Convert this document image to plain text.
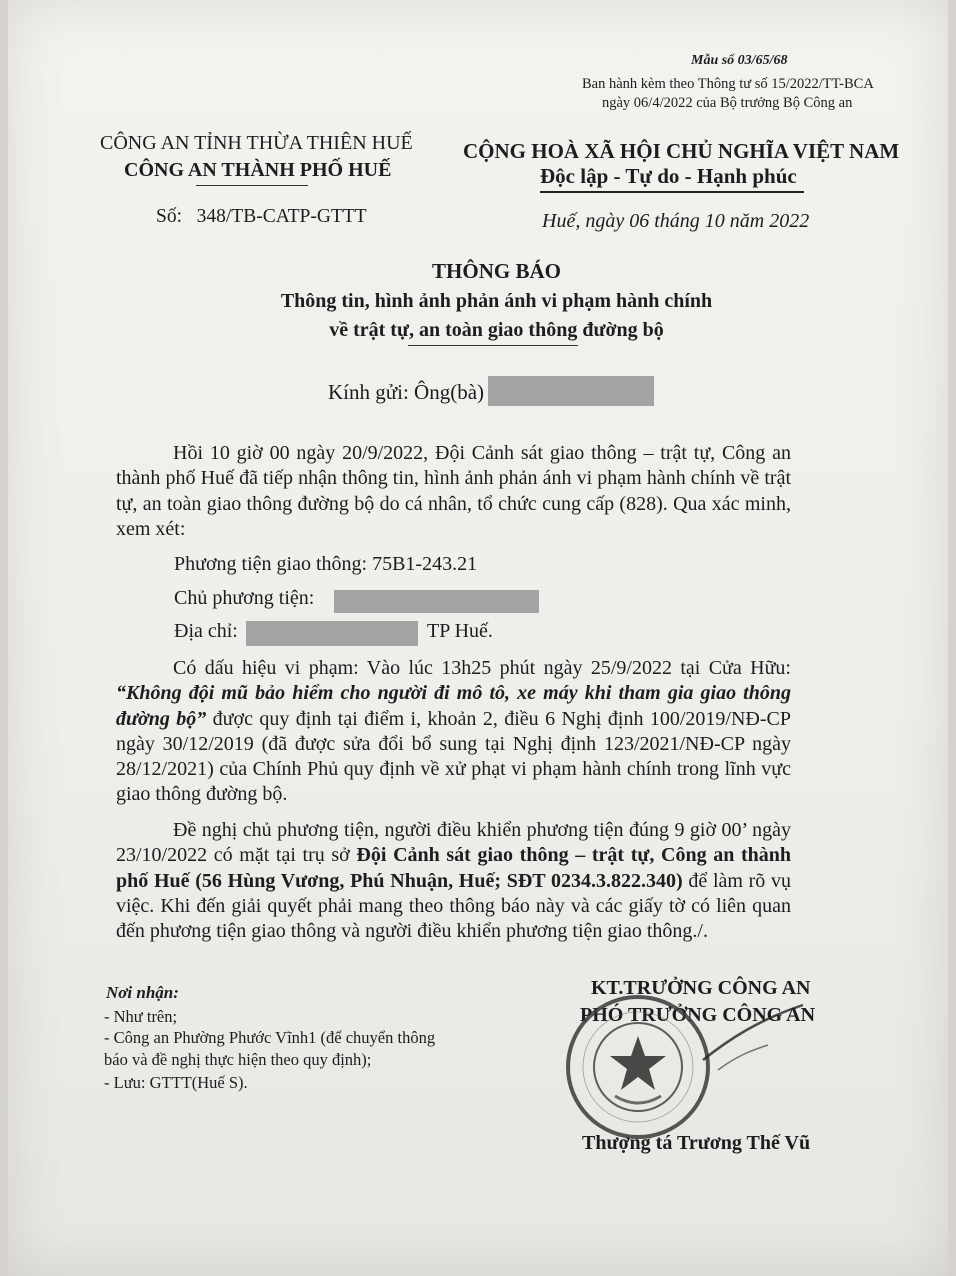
Mẫu số 03/65/68
Ban hành kèm theo Thông tư số 15/2022/TT-BCA
ngày 06/4/2022 của Bộ trưởng Bộ Công an
CÔNG AN TỈNH THỪA THIÊN HUẾ
CÔNG AN THÀNH PHỐ HUẾ
CỘNG HOÀ XÃ HỘI CHỦ NGHĨA VIỆT NAM
Độc lập - Tự do - Hạnh phúc
Số: 348/TB-CATP-GTTT	Huế, ngày 06 tháng 10 năm 2022
THÔNG BÁO
Thông tin, hình ảnh phản ánh vi phạm hành chính
về trật tự, an toàn giao thông đường bộ
Kính gửi: Ông(bà)
Hồi 10 giờ 00 ngày 20/9/2022, Đội Cảnh sát giao thông – trật tự, Công an thành phố Huế đã tiếp nhận thông tin, hình ảnh phản ánh vi phạm hành chính về trật tự, an toàn giao thông đường bộ do cá nhân, tổ chức cung cấp (828). Qua xác minh, xem xét:
Phương tiện giao thông: 75B1-243.21
Chủ phương tiện:
Địa chỉ:	TP Huế.
Có dấu hiệu vi phạm: Vào lúc 13h25 phút ngày 25/9/2022 tại Cửa Hữu: “Không đội mũ bảo hiểm cho người đi mô tô, xe máy khi tham gia giao thông đường bộ” được quy định tại điểm i, khoản 2, điều 6 Nghị định 100/2019/NĐ-CP ngày 30/12/2019 (đã được sửa đổi bổ sung tại Nghị định 123/2021/NĐ-CP ngày 28/12/2021) của Chính Phủ quy định về xử phạt vi phạm hành chính trong lĩnh vực giao thông đường bộ.
Đề nghị chủ phương tiện, người điều khiển phương tiện đúng 9 giờ 00’ ngày 23/10/2022 có mặt tại trụ sở Đội Cảnh sát giao thông – trật tự, Công an thành phố Huế (56 Hùng Vương, Phú Nhuận, Huế; SĐT 0234.3.822.340) để làm rõ vụ việc. Khi đến giải quyết phải mang theo thông báo này và các giấy tờ có liên quan đến phương tiện giao thông và người điều khiển phương tiện giao thông./.
Nơi nhận:
- Như trên;
- Công an Phường Phước Vĩnh1 (để chuyển thông
báo và đề nghị thực hiện theo quy định);
- Lưu: GTTT(Huế S).
KT.TRƯỞNG CÔNG AN
PHÓ TRƯỞNG CÔNG AN
Thượng tá Trương Thế Vũ
